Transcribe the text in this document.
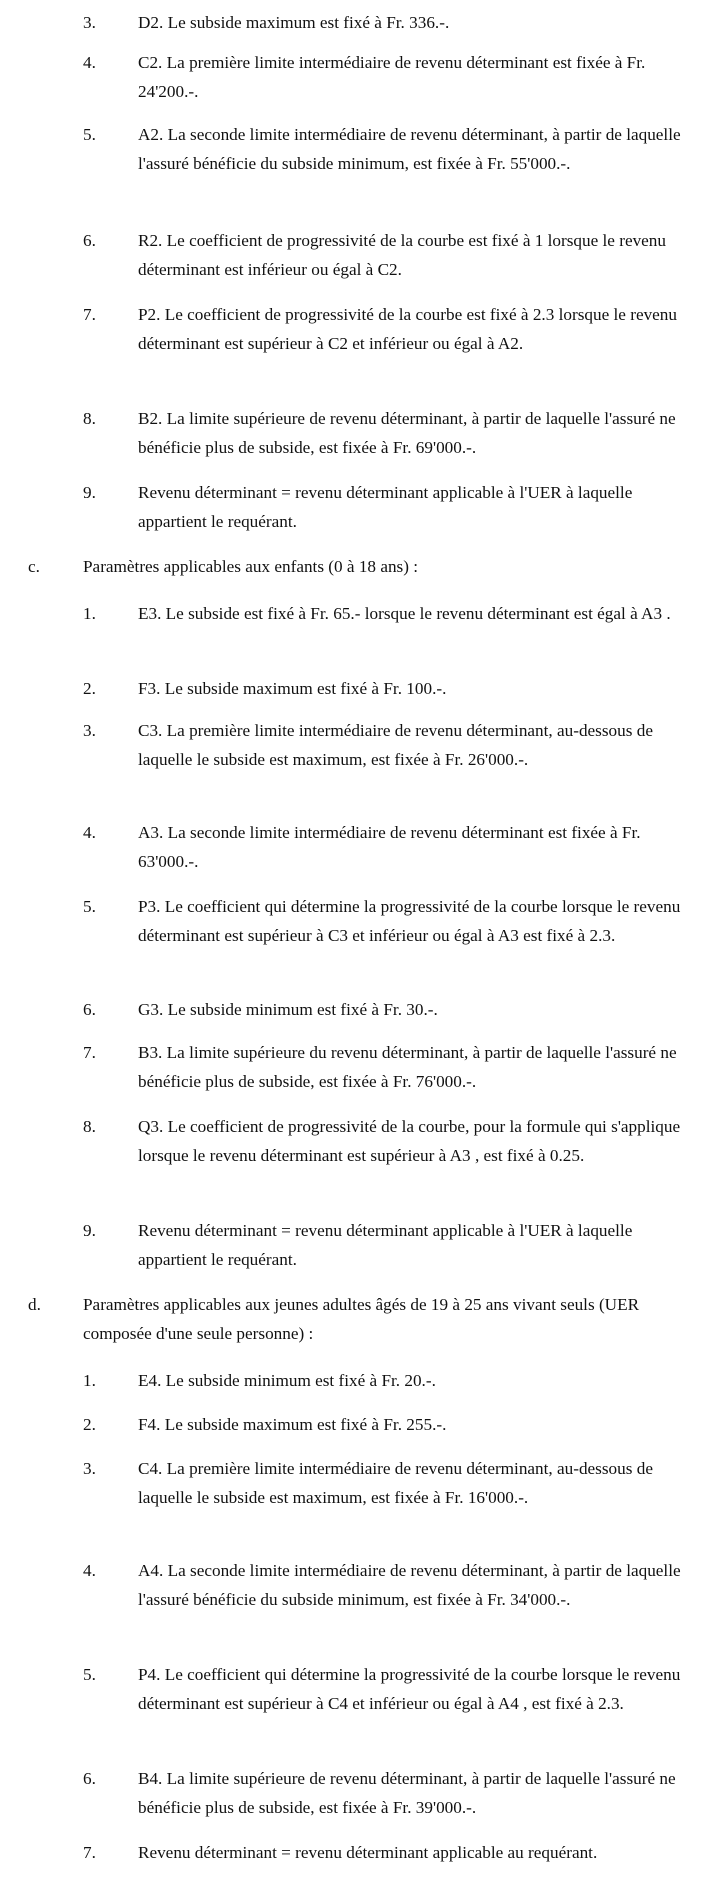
3.	D2. Le subside maximum est fixé à Fr. 336.-.
4.	C2. La première limite intermédiaire de revenu déterminant est fixée à Fr. 24'200.-.
5.	A2. La seconde limite intermédiaire de revenu déterminant, à partir de laquelle l'assuré bénéficie du subside minimum, est fixée à Fr. 55'000.-.
6.	R2. Le coefficient de progressivité de la courbe est fixé à 1 lorsque le revenu déterminant est inférieur ou égal à C2.
7.	P2. Le coefficient de progressivité de la courbe est fixé à 2.3 lorsque le revenu déterminant est supérieur à C2 et inférieur ou égal à A2.
8.	B2. La limite supérieure de revenu déterminant, à partir de laquelle l'assuré ne bénéficie plus de subside, est fixée à Fr. 69'000.-.
9.	Revenu déterminant = revenu déterminant applicable à l'UER à laquelle appartient le requérant.
c.	Paramètres applicables aux enfants (0 à 18 ans) :
1.	E3. Le subside est fixé à Fr. 65.- lorsque le revenu déterminant est égal à A3 .
2.	F3. Le subside maximum est fixé à Fr. 100.-.
3.	C3. La première limite intermédiaire de revenu déterminant, au-dessous de laquelle le subside est maximum, est fixée à Fr. 26'000.-.
4.	A3. La seconde limite intermédiaire de revenu déterminant est fixée à Fr. 63'000.-.
5.	P3. Le coefficient qui détermine la progressivité de la courbe lorsque le revenu déterminant est supérieur à C3 et inférieur ou égal à A3 est fixé à 2.3.
6.	G3. Le subside minimum est fixé à Fr. 30.-.
7.	B3. La limite supérieure du revenu déterminant, à partir de laquelle l'assuré ne bénéficie plus de subside, est fixée à Fr. 76'000.-.
8.	Q3. Le coefficient de progressivité de la courbe, pour la formule qui s'applique lorsque le revenu déterminant est supérieur à A3 , est fixé à 0.25.
9.	Revenu déterminant = revenu déterminant applicable à l'UER à laquelle appartient le requérant.
d.	Paramètres applicables aux jeunes adultes âgés de 19 à 25 ans vivant seuls (UER composée d'une seule personne) :
1.	E4. Le subside minimum est fixé à Fr. 20.-.
2.	F4. Le subside maximum est fixé à Fr. 255.-.
3.	C4. La première limite intermédiaire de revenu déterminant, au-dessous de laquelle le subside est maximum, est fixée à Fr. 16'000.-.
4.	A4. La seconde limite intermédiaire de revenu déterminant, à partir de laquelle l'assuré bénéficie du subside minimum, est fixée à Fr. 34'000.-.
5.	P4. Le coefficient qui détermine la progressivité de la courbe lorsque le revenu déterminant est supérieur à C4 et inférieur ou égal à A4 , est fixé à 2.3.
6.	B4. La limite supérieure de revenu déterminant, à partir de laquelle l'assuré ne bénéficie plus de subside, est fixée à Fr. 39'000.-.
7.	Revenu déterminant = revenu déterminant applicable au requérant.
